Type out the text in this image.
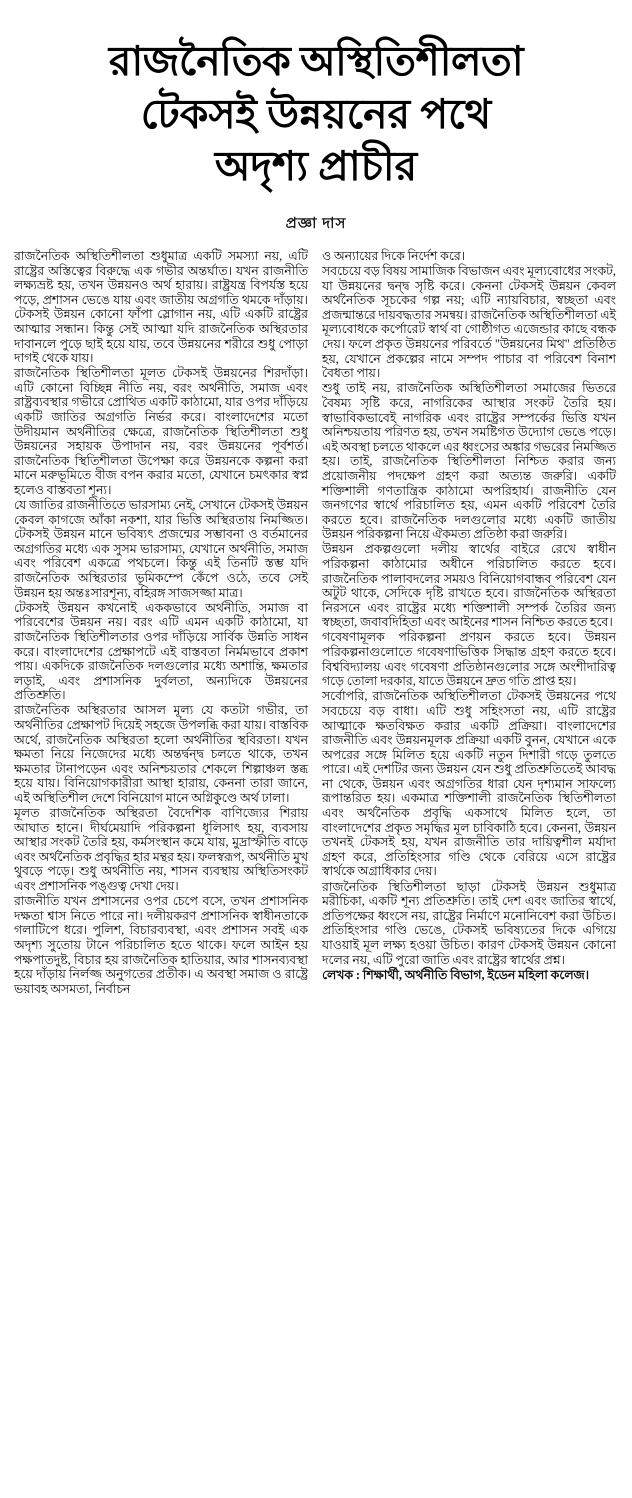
রাজনৈতিক অস্থিতিশীলতা
টেকসই উন্নয়নের পথে
অদৃশ্য প্রাচীর
প্রজ্ঞা দাস

রাজনৈতিক অস্থিতিশীলতা শুধুমাত্র একটি সমস্যা নয়, এটি রাষ্ট্রের অস্তিত্বের বিরুদ্ধে এক গভীর অন্তর্ঘাত। যখন রাজনীতি লক্ষ্যভ্রষ্ট হয়, তখন উন্নয়নও অর্থ হারায়। রাষ্ট্রযন্ত্র বিপর্যস্ত হয়ে পড়ে, প্রশাসন ভেঙে যায় এবং জাতীয় অগ্রগতি থমকে দাঁড়ায়। টেকসই উন্নয়ন কোনো ফাঁপা স্লোগান নয়, এটি একটি রাষ্ট্রের আত্মার সন্ধান। কিন্তু সেই আত্মা যদি রাজনৈতিক অস্থিরতার দাবানলে পুড়ে ছাই হয়ে যায়, তবে উন্নয়নের শরীরে শুধু পোড়া দাগই থেকে যায়।

রাজনৈতিক স্থিতিশীলতা মূলত টেকসই উন্নয়নের শিরদাঁড়া। এটি কোনো বিচ্ছিন্ন নীতি নয়, বরং অর্থনীতি, সমাজ এবং রাষ্ট্রব্যবস্থার গভীরে প্রোথিত একটি কাঠামো, যার ওপর দাঁড়িয়ে একটি জাতির অগ্রগতি নির্ভর করে। বাংলাদেশের মতো উদীয়মান অর্থনীতির ক্ষেত্রে, রাজনৈতিক স্থিতিশীলতা শুধু উন্নয়নের সহায়ক উপাদান নয়, বরং উন্নয়নের পূর্বশর্ত। রাজনৈতিক স্থিতিশীলতা উপেক্ষা করে উন্নয়নকে কল্পনা করা মানে মরুভূমিতে বীজ বপন করার মতো, যেখানে চমৎকার স্বপ্ন হলেও বাস্তবতা শূন্য।

যে জাতির রাজনীতিতে ভারসাম্য নেই, সেখানে টেকসই উন্নয়ন কেবল কাগজে আঁকা নকশা, যার ভিত্তি অস্থিরতায় নিমজ্জিত। টেকসই উন্নয়ন মানে ভবিষ্যৎ প্রজন্মের সম্ভাবনা ও বর্তমানের অগ্রগতির মধ্যে এক সুসম ভারসাম্য, যেখানে অর্থনীতি, সমাজ এবং পরিবেশ একত্রে পথচলে। কিন্তু এই তিনটি স্তম্ভ যদি রাজনৈতিক অস্থিরতার ভূমিকম্পে কেঁপে ওঠে, তবে সেই উন্নয়ন হয় অন্তঃসারশূন্য, বহিরঙ্গ সাজসজ্জা মাত্র।

টেকসই উন্নয়ন কখনোই এককভাবে অর্থনীতি, সমাজ বা পরিবেশের উন্নয়ন নয়। বরং এটি এমন একটি কাঠামো, যা রাজনৈতিক স্থিতিশীলতার ওপর দাঁড়িয়ে সার্বিক উন্নতি সাধন করে। বাংলাদেশের প্রেক্ষাপটে এই বাস্তবতা নির্মমভাবে প্রকাশ পায়। একদিকে রাজনৈতিক দলগুলোর মধ্যে অশান্তি, ক্ষমতার লড়াই, এবং প্রশাসনিক দুর্বলতা, অন্যদিকে উন্নয়নের প্রতিশ্রুতি।

রাজনৈতিক অস্থিরতার আসল মূল্য যে কতটা গভীর, তা অর্থনীতির প্রেক্ষাপট দিয়েই সহজে উপলব্ধি করা যায়। বাস্তবিক অর্থে, রাজনৈতিক অস্থিরতা হলো অর্থনীতির স্থবিরতা। যখন ক্ষমতা নিয়ে নিজেদের মধ্যে অন্তর্দ্বন্দ্ব চলতে থাকে, তখন ক্ষমতার টানাপড়েন এবং অনিশ্চয়তার শেকলে শিল্পাঞ্চল স্তব্ধ হয়ে যায়। বিনিয়োগকারীরা আস্থা হারায়, কেননা তারা জানে, এই অস্থিতিশীল দেশে বিনিয়োগ মানে অগ্নিকুণ্ডে অর্থ ঢালা।

মূলত রাজনৈতিক অস্থিরতা বৈদেশিক বাণিজ্যের শিরায় আঘাত হানে। দীর্ঘমেয়াদি পরিকল্পনা ধূলিসাৎ হয়, ব্যবসায় আস্থার সংকট তৈরি হয়, কর্মসংস্থান কমে যায়, মুদ্রাস্ফীতি বাড়ে এবং অর্থনৈতিক প্রবৃদ্ধির হার মন্থর হয়। ফলস্বরূপ, অর্থনীতি মুখ থুবড়ে পড়ে। শুধু অর্থনীতি নয়, শাসন ব্যবস্থায় অস্থিতিসংকট এবং প্রশাসনিক পঙ্গুত্ব দেখা দেয়।

রাজনীতি যখন প্রশাসনের ওপর চেপে বসে, তখন প্রশাসনিক দক্ষতা শ্বাস নিতে পারে না। দলীয়করণ প্রশাসনিক স্বাধীনতাকে গলাটিপে ধরে। পুলিশ, বিচারব্যবস্থা, এবং প্রশাসন সবই এক অদৃশ্য সুতোয় টানে পরিচালিত হতে থাকে। ফলে আইন হয় পক্ষপাতদুষ্ট, বিচার হয় রাজনৈতিক হাতিয়ার, আর শাসনব্যবস্থা হয়ে দাঁড়ায় নির্লজ্জ অনুগতের প্রতীক। এ অবস্থা সমাজ ও রাষ্ট্রে ভয়াবহ অসমতা, নির্বাচন

ও অন্যায়ের দিকে নির্দেশ করে।

সবচেয়ে বড় বিষয় সামাজিক বিভাজন এবং মূল্যবোধের সংকট, যা উন্নয়নের দ্বন্দ্ব সৃষ্টি করে। কেননা টেকসই উন্নয়ন কেবল অর্থনৈতিক সূচকের গল্প নয়; এটি ন্যায়বিচার, স্বচ্ছতা এবং প্রজন্মান্তরে দায়বদ্ধতার সমন্বয়। রাজনৈতিক অস্থিতিশীলতা এই মূল্যবোধকে কর্পোরেট স্বার্থ বা গোষ্ঠীগত এজেন্ডার কাছে বন্ধক দেয়। ফলে প্রকৃত উন্নয়নের পরিবর্তে "উন্নয়নের মিথ" প্রতিষ্ঠিত হয়, যেখানে প্রকল্পের নামে সম্পদ পাচার বা পরিবেশ বিনাশ বৈধতা পায়।

শুধু তাই নয়, রাজনৈতিক অস্থিতিশীলতা সমাজের ভিতরে বৈষম্য সৃষ্টি করে, নাগরিকের আস্থার সংকট তৈরি হয়। স্বাভাবিকভাবেই নাগরিক এবং রাষ্ট্রের সম্পর্কের ভিত্তি যখন অনিশ্চয়তায় পরিণত হয়, তখন সমষ্টিগত উদ্যোগ ভেঙে পড়ে। এই অবস্থা চলতে থাকলে এর ধ্বংসের অঙ্কার গভরের নিমজ্জিত হয়। তাই, রাজনৈতিক স্থিতিশীলতা নিশ্চিত করার জন্য প্রয়োজনীয় পদক্ষেপ গ্রহণ করা অত্যন্ত জরুরি। একটি শক্তিশালী গণতান্ত্রিক কাঠামো অপরিহার্য। রাজনীতি যেন জনগণের স্বার্থে পরিচালিত হয়, এমন একটি পরিবেশ তৈরি করতে হবে। রাজনৈতিক দলগুলোর মধ্যে একটি জাতীয় উন্নয়ন পরিকল্পনা নিয়ে ঐকমত্য প্রতিষ্ঠা করা জরুরি।

উন্নয়ন প্রকল্পগুলো দলীয় স্বার্থের বাইরে রেখে স্বাধীন পরিকল্পনা কাঠামোর অধীনে পরিচালিত করতে হবে। রাজনৈতিক পালাবদলের সময়ও বিনিয়োগবান্ধব পরিবেশ যেন অটুট থাকে, সেদিকে দৃষ্টি রাখতে হবে। রাজনৈতিক অস্থিরতা নিরসনে এবং রাষ্ট্রের মধ্যে শক্তিশালী সম্পর্ক তৈরির জন্য স্বচ্ছতা, জবাবদিহিতা এবং আইনের শাসন নিশ্চিত করতে হবে।

গবেষণামূলক পরিকল্পনা প্রণয়ন করতে হবে। উন্নয়ন পরিকল্পনাগুলোতে গবেষণাভিত্তিক সিদ্ধান্ত গ্রহণ করতে হবে। বিশ্ববিদ্যালয় এবং গবেষণা প্রতিষ্ঠানগুলোর সঙ্গে অংশীদারিত্ব গড়ে তোলা দরকার, যাতে উন্নয়নে দ্রুত গতি প্রাপ্ত হয়।

সর্বোপরি, রাজনৈতিক অস্থিতিশীলতা টেকসই উন্নয়নের পথে সবচেয়ে বড় বাধা। এটি শুধু সহিংসতা নয়, এটি রাষ্ট্রের আত্মাকে ক্ষতবিক্ষত করার একটি প্রক্রিয়া। বাংলাদেশের রাজনীতি এবং উন্নয়নমূলক প্রক্রিয়া একটি বুনন, যেখানে একে অপরের সঙ্গে মিলিত হয়ে একটি নতুন দিশারী গড়ে তুলতে পারে। এই দেশটির জন্য উন্নয়ন যেন শুধু প্রতিশ্রুতিতেই আবদ্ধ না থেকে, উন্নয়ন এবং অগ্রগতির ধারা যেন দৃশ্যমান সাফল্যে রূপান্তরিত হয়। একমাত্র শক্তিশালী রাজনৈতিক স্থিতিশীলতা এবং অর্থনৈতিক প্রবৃদ্ধি একসাথে মিলিত হলে, তা বাংলাদেশের প্রকৃত সমৃদ্ধির মূল চাবিকাঠি হবে। কেননা, উন্নয়ন তখনই টেকসই হয়, যখন রাজনীতি তার দায়িত্বশীল মর্যাদা গ্রহণ করে, প্রতিহিংসার গণ্ডি থেকে বেরিয়ে এসে রাষ্ট্রের স্বার্থকে অগ্রাধিকার দেয়।

রাজনৈতিক স্থিতিশীলতা ছাড়া টেকসই উন্নয়ন শুধুমাত্র মরীচিকা, একটি শূন্য প্রতিশ্রুতি। তাই দেশ এবং জাতির স্বার্থে, প্রতিপক্ষের ধ্বংসে নয়, রাষ্ট্রের নির্মাণে মনোনিবেশ করা উচিত। প্রতিহিংসার গণ্ডি ভেঙে, টেকসই ভবিষ্যতের দিকে এগিয়ে যাওয়াই মূল লক্ষ্য হওয়া উচিত। কারণ টেকসই উন্নয়ন কোনো দলের নয়, এটি পুরো জাতি এবং রাষ্ট্রের স্বার্থের প্রশ্ন।

লেখক : শিক্ষার্থী, অর্থনীতি বিভাগ, ইডেন মহিলা কলেজ।
